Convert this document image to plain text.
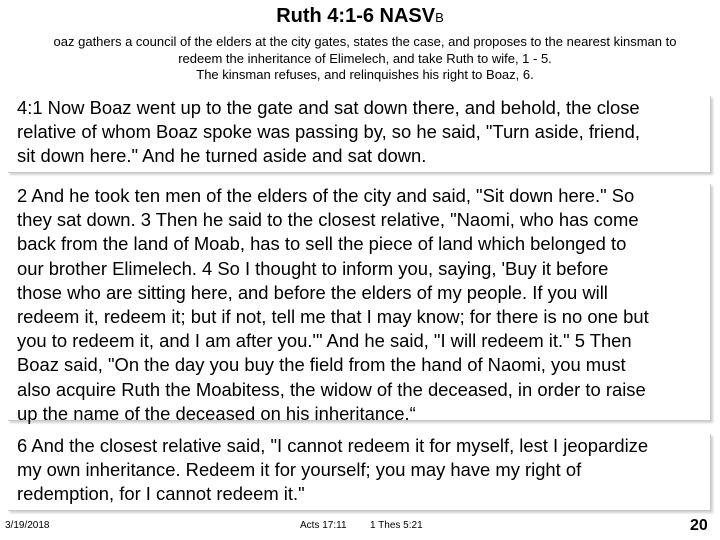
Ruth 4:1-6 NASVB
oaz gathers a council of the elders at the city gates, states the case, and proposes to the nearest kinsman to
redeem the inheritance of Elimelech, and take Ruth to wife, 1 - 5.
The kinsman refuses, and relinquishes his right to Boaz, 6.

4:1 Now Boaz went up to the gate and sat down there, and behold, the close

relative of whom Boaz spoke was passing by, so he said, "Turn aside, friend,

sit down here." And he turned aside and sat down.

2 And he took ten men of the elders of the city and said, "Sit down here." So

they sat down. 3 Then he said to the closest relative, "Naomi, who has come

back from the land of Moab, has to sell the piece of land which belonged to

our brother Elimelech. 4 So I thought to inform you, saying, 'Buy it before

those who are sitting here, and before the elders of my people. If you will

redeem it, redeem it; but if not, tell me that I may know; for there is no one but

you to redeem it, and I am after you.'" And he said, "I will redeem it." 5 Then

Boaz said, "On the day you buy the field from the hand of Naomi, you must

also acquire Ruth the Moabitess, the widow of the deceased, in order to raise

up the name of the deceased on his inheritance.“

6 And the closest relative said, "I cannot redeem it for myself, lest I jeopardize

my own inheritance. Redeem it for yourself; you may have my right of

redemption, for I cannot redeem it."

3/19/2018	Acts 17:11 1 Thes 5:21	20
